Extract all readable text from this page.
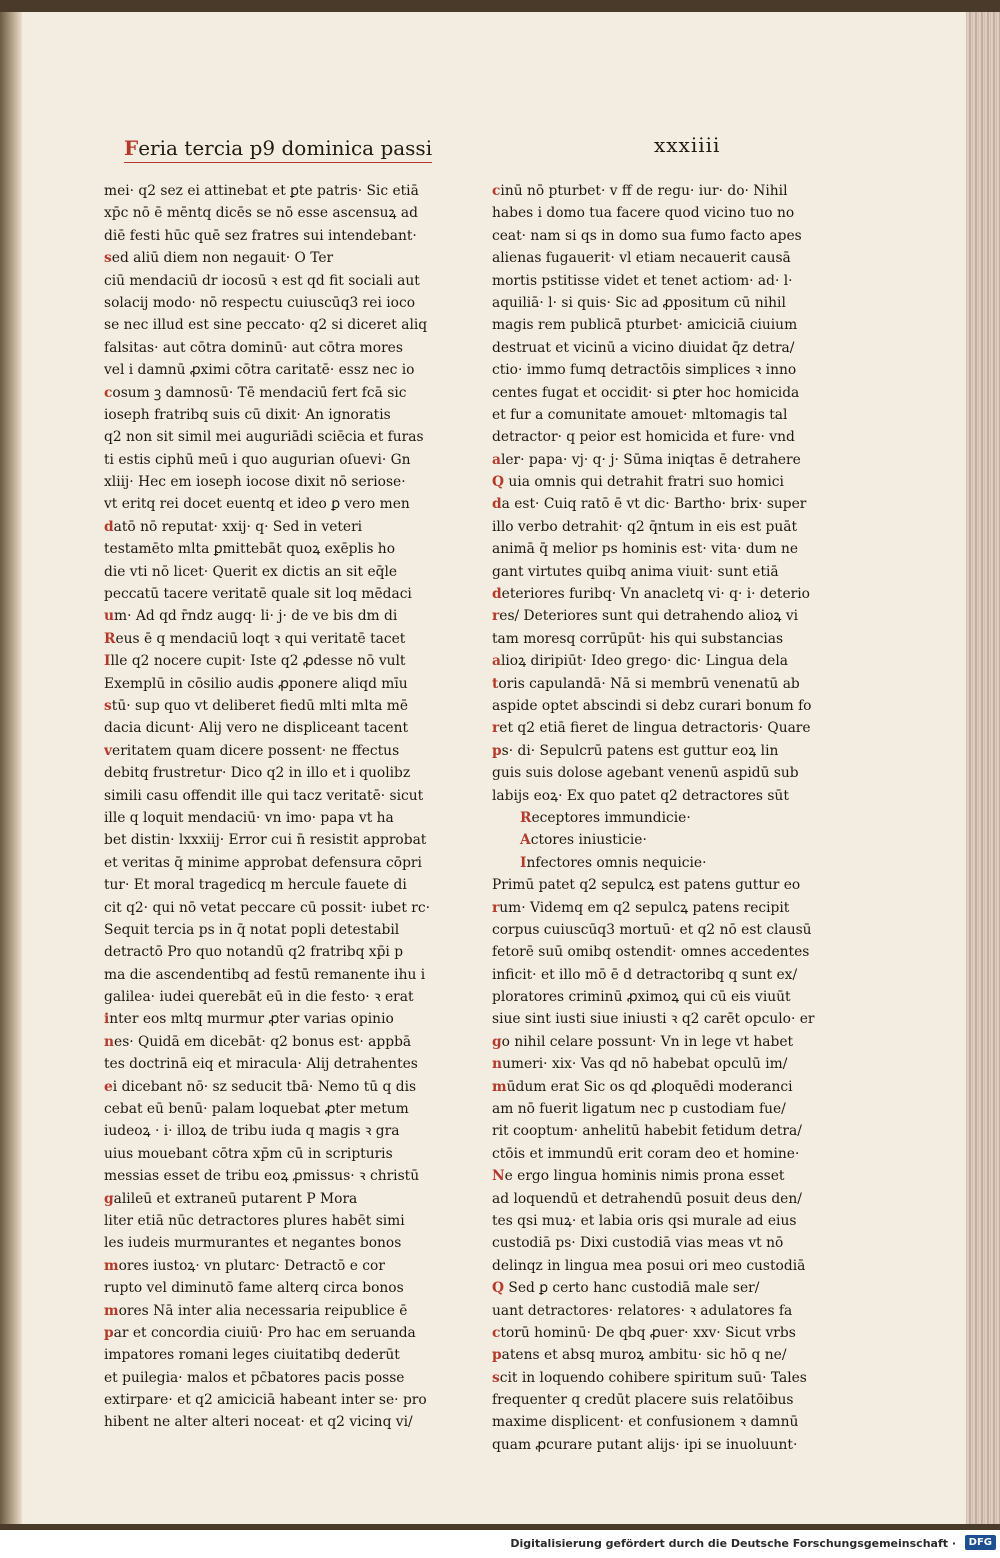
Feria tercia p9 dominica passi	xxxiiii
mei· q2 sez ei attinebat et ꝑte patris· Sic etiā
xp̄c nō ē mēntq dicēs se nō esse ascensuꝝ ad
diē festi hūc quē sez fratres sui intendebant·
sed aliū diem non negauit· O Ter
ciū mendaciū dr iocosū ꝛ est qd fit sociali aut
solacij modo· nō respectu cuiuscūq3 rei ioco
se nec illud est sine peccato· q2 si diceret aliq
falsitas· aut cōtra dominū· aut cōtra mores
vel i damnū ꝓximi cōtra caritatē· essz nec io
cosum ꝫ damnosū· Tē mendaciū fert fcā sic
ioseph fratribq suis cū dixit· An ignoratis
q2 non sit simil mei auguriādi sciēcia et furas
ti estis ciphū meū i quo augurian oſuevi· Gn
xliij· Hec em ioseph iocose dixit nō seriose·
vt eritq rei docet euentq et ideo ꝑ vero men
datō nō reputat· xxij· q· Sed in veteri
testamēto mlta ꝑmittebāt quoꝝ exēplis ho
die vti nō licet· Querit ex dictis an sit eq̄le
peccatū tacere veritatē quale sit loq mēdaci
um· Ad qd r̄ndz augq· li· j· de ve bis dm di
Reus ē q mendaciū loqt ꝛ qui veritatē tacet
Ille q2 nocere cupit· Iste q2 ꝓdesse nō vult
Exemplū in cōsilio audis ꝓponere aliqd mīu
stū· sup quo vt deliberet fiedū mlti mlta mē
dacia dicunt· Alij vero ne displiceant tacent
veritatem quam dicere possent· ne ffectus
debitq frustretur· Dico q2 in illo et i quolibz
simili casu offendit ille qui tacz veritatē· sicut
ille q loquit mendaciū· vn imo· papa vt ha
bet distin· lxxxiij· Error cui n̄ resistit approbat
et veritas q̄ minime approbat defensura cōpri
tur· Et moral tragedicq m hercule fauete di
cit q2· qui nō vetat peccare cū possit· iubet rc·
Sequit tercia ps in q̄ notat popli detestabil
detractō Pro quo notandū q2 fratribq xp̄i p
ma die ascendentibq ad festū remanente ihu i
galilea· iudei querebāt eū in die festo· ꝛ erat
inter eos mltq murmur ꝓter varias opinio
nes· Quidā em dicebāt· q2 bonus est· appbā
tes doctrinā eiq et miracula· Alij detrahentes
ei dicebant nō· sz seducit tbā· Nemo tū q dis
cebat eū benū· palam loquebat ꝓter metum
iudeoꝝ · i· illoꝝ de tribu iuda q magis ꝛ gra
uius mouebant cōtra xp̄m cū in scripturis
messias esset de tribu eoꝝ ꝓmissus· ꝛ christū
galileū et extraneū putarent P Mora
liter etiā nūc detractores plures habēt simi
les iudeis murmurantes et negantes bonos
mores iustoꝝ· vn plutarc· Detractō e cor
rupto vel diminutō fame alterq circa bonos
mores Nā inter alia necessaria reipublice ē
par et concordia ciuiū· Pro hac em seruanda
impatores romani leges ciuitatibq dederūt
et puilegia· malos et pc̄batores pacis posse
extirpare· et q2 amiciciā habeant inter se· pro
hibent ne alter alteri noceat· et q2 vicinq vi/
cinū nō pturbet· v ff de regu· iur· do· Nihil
habes i domo tua facere quod vicino tuo no
ceat· nam si qs in domo sua fumo facto apes
alienas fugauerit· vl etiam necauerit causā
mortis pstitisse videt et tenet actiom· ad· l·
aquiliā· l· si quis· Sic ad ꝓpositum cū nihil
magis rem publicā pturbet· amiciciā ciuium
destruat et vicinū a vicino diuidat q̄z detra/
ctio· immo fumq detractōis simplices ꝛ inno
centes fugat et occidit· si ꝑter hoc homicida
et fur a comunitate amouet· mltomagis tal
detractor· q peior est homicida et fure· vnd
aler· papa· vj· q· j· Sūma iniqtas ē detrahere
Q uia omnis qui detrahit fratri suo homici
da est· Cuiq ratō ē vt dic· Bartho· brix· super
illo verbo detrahit· q2 q̄ntum in eis est puāt
animā q̄ melior ps hominis est· vita· dum ne
gant virtutes quibq anima viuit· sunt etiā
deteriores furibq· Vn anacletq vi· q· i· deterio
res/ Deteriores sunt qui detrahendo alioꝝ vi
tam moresq corrūpūt· his qui substancias
alioꝝ diripiūt· Ideo grego· dic· Lingua dela
toris capulandā· Nā si membrū venenatū ab
aspide optet abscindi si debz curari bonum fo
ret q2 etiā fieret de lingua detractoris· Quare
ps· di· Sepulcrū patens est guttur eoꝝ lin
guis suis dolose agebant venenū aspidū sub
labijs eoꝝ· Ex quo patet q2 detractores sūt
Receptores immundicie·
Actores iniusticie·
Infectores omnis nequicie·
Primū patet q2 sepulcꝝ est patens guttur eo
rum· Videmq em q2 sepulcꝝ patens recipit
corpus cuiuscūq3 mortuū· et q2 nō est clausū
fetorē suū omibq ostendit· omnes accedentes
inficit· et illo mō ē d detractoribq q sunt ex/
ploratores criminū ꝓximoꝝ qui cū eis viuūt
siue sint iusti siue iniusti ꝛ q2 carēt opculo· er
go nihil celare possunt· Vn in lege vt habet
numeri· xix· Vas qd nō habebat opculū im/
mūdum erat Sic os qd ꝓloquēdi moderanci
am nō fuerit ligatum nec p custodiam fue/
rit cooptum· anhelitū habebit fetidum detra/
ctōis et immundū erit coram deo et homine·
Ne ergo lingua hominis nimis prona esset
ad loquendū et detrahendū posuit deus den/
tes qsi muꝝ· et labia oris qsi murale ad eius
custodiā ps· Dixi custodiā vias meas vt nō
delinqz in lingua mea posui ori meo custodiā
Q Sed ꝑ certo hanc custodiā male ser/
uant detractores· relatores· ꝛ adulatores fa
ctorū hominū· De qbq ꝓuer· xxv· Sicut vrbs
patens et absq muroꝝ ambitu· sic hō q ne/
scit in loquendo cohibere spiritum suū· Tales
frequenter q credūt placere suis relatōibus
maxime displicent· et confusionem ꝛ damnū
quam ꝓcurare putant alijs· ipi se inuoluunt·
Digitalisierung gefördert durch die Deutsche Forschungsgemeinschaft ·	DFG
